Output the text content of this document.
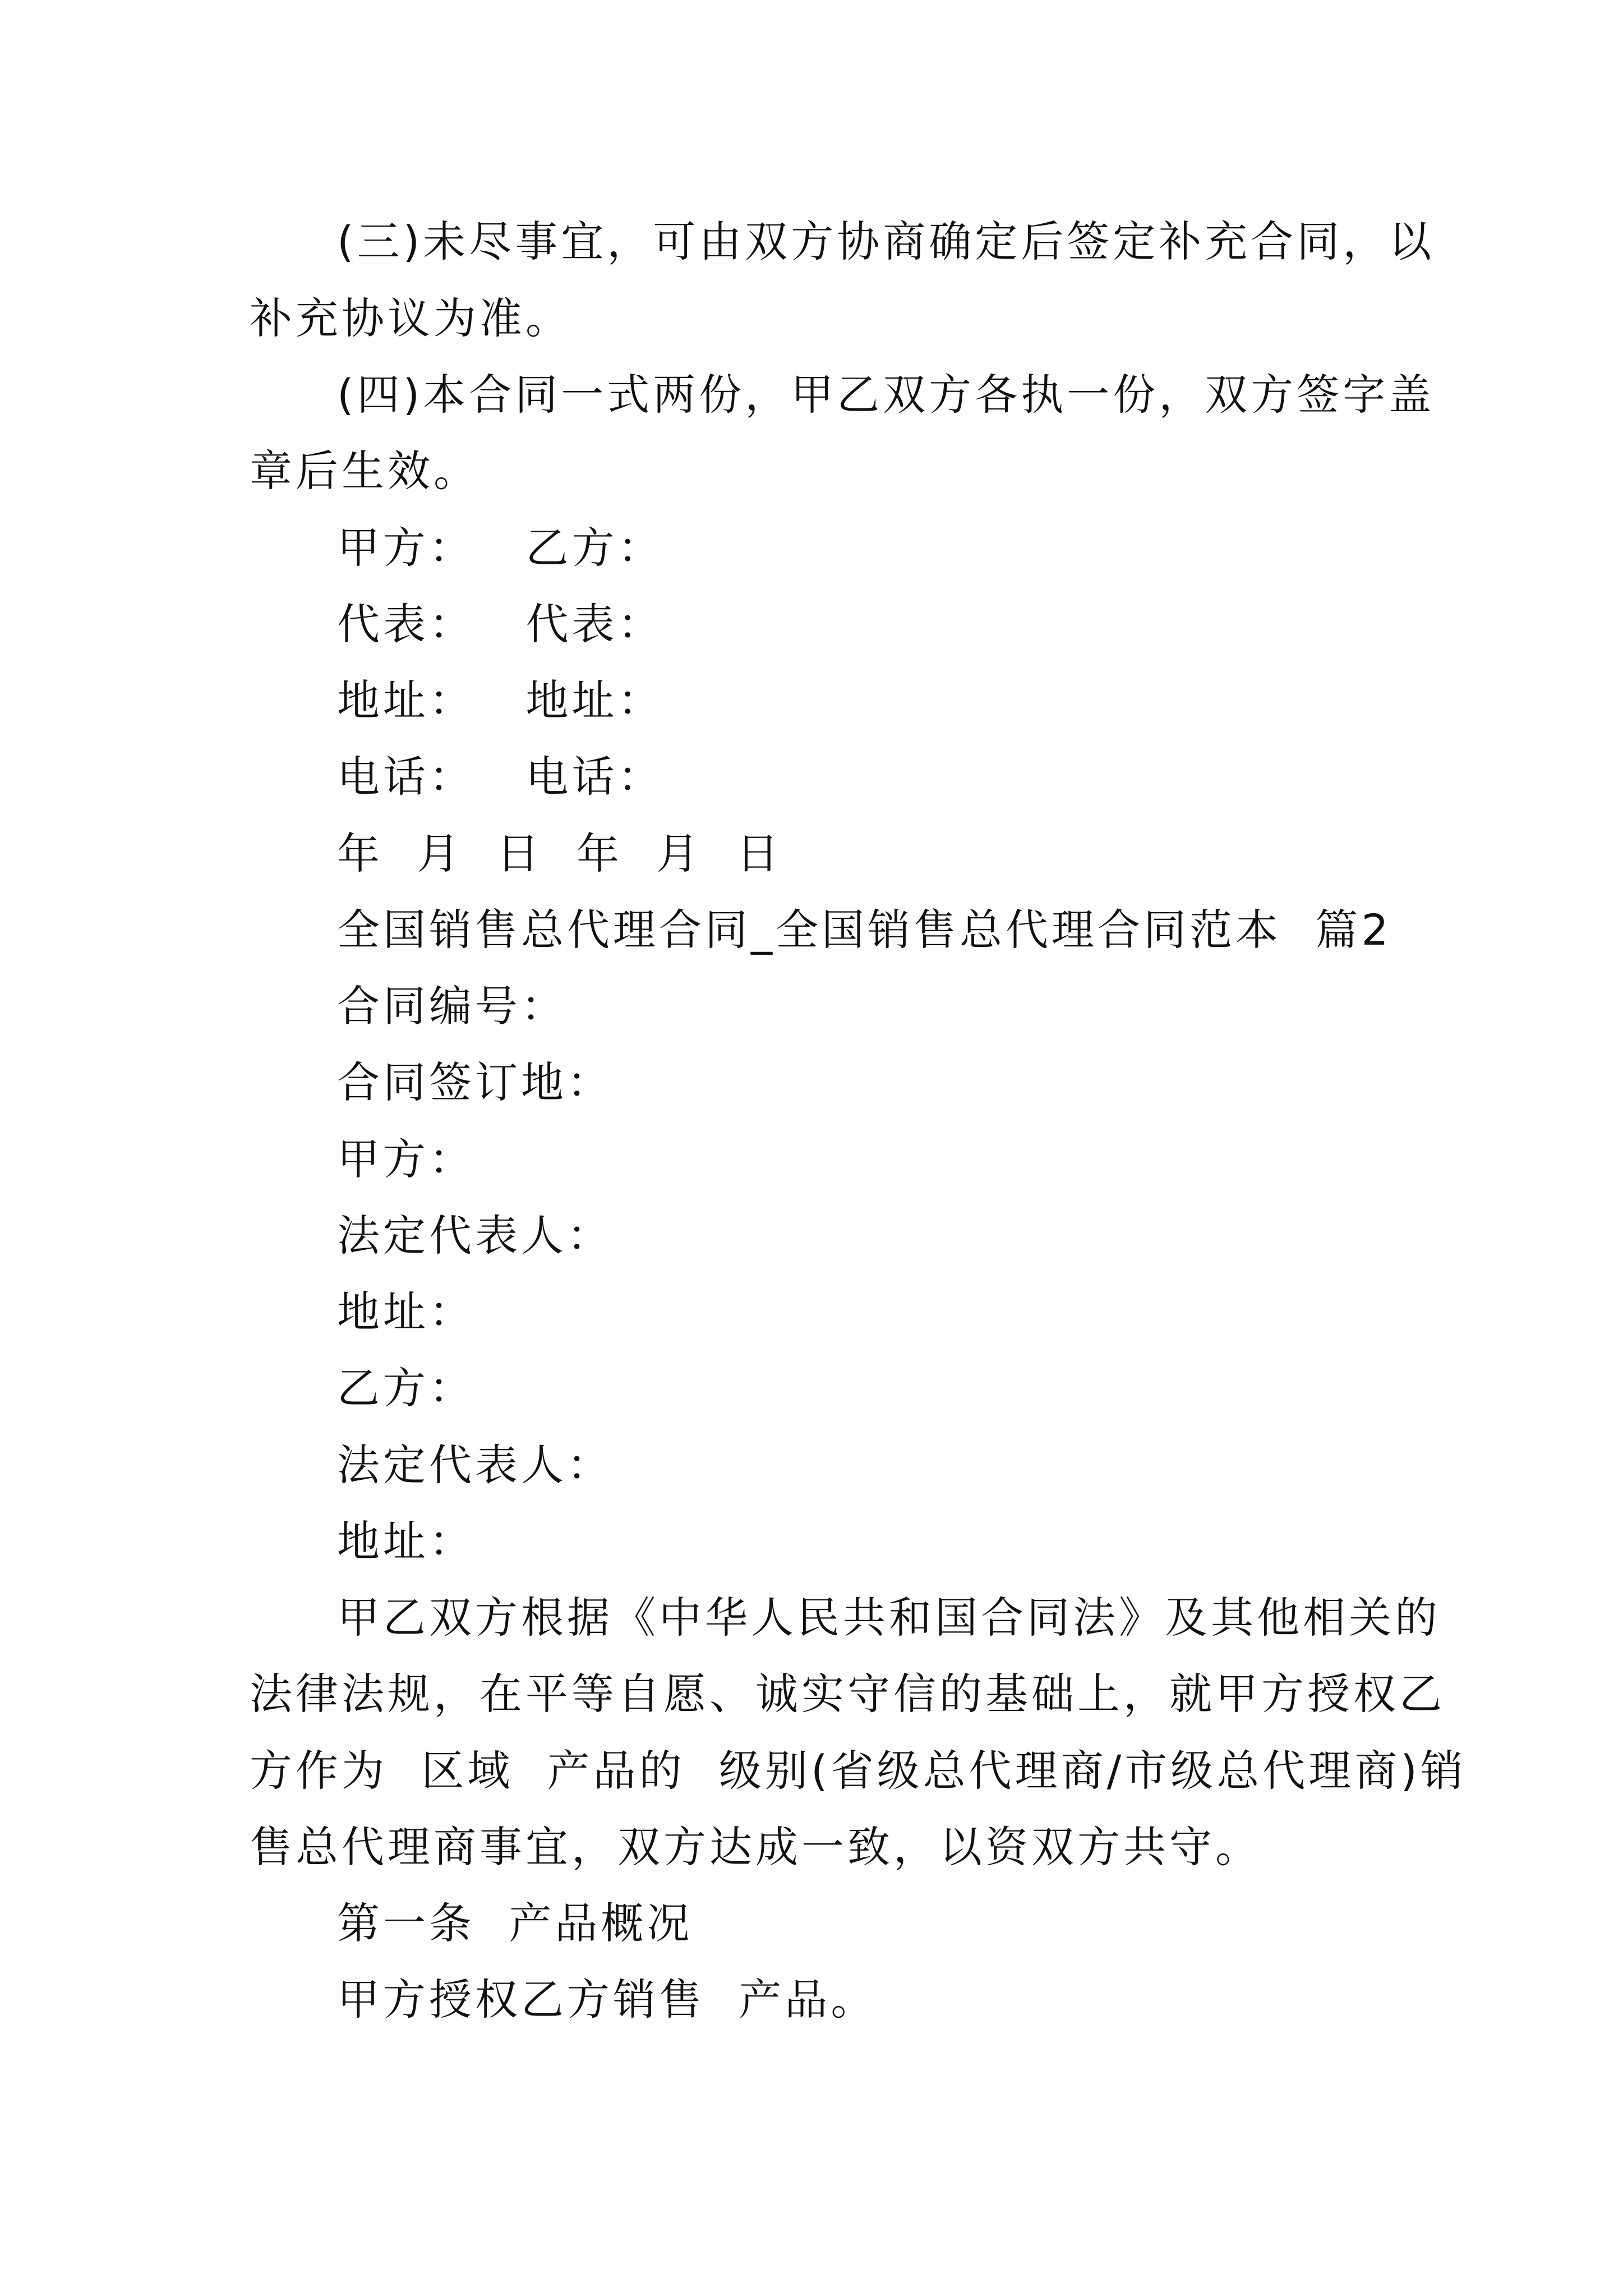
(三)未尽事宜，可由双方协商确定后签定补充合同，以
补充协议为准。
(四)本合同一式两份，甲乙双方各执一份，双方签字盖
章后生效。
甲方：   乙方：
代表：   代表：
地址：   地址：
电话：   电话：
年  月  日  年  月  日
全国销售总代理合同_全国销售总代理合同范本  篇2
合同编号：
合同签订地：
甲方：
法定代表人：
地址：
乙方：
法定代表人：
地址：
甲乙双方根据《中华人民共和国合同法》及其他相关的
法律法规，在平等自愿、诚实守信的基础上，就甲方授权乙
方作为  区域  产品的  级别(省级总代理商/市级总代理商)销
售总代理商事宜，双方达成一致，以资双方共守。
第一条  产品概况
甲方授权乙方销售  产品。
